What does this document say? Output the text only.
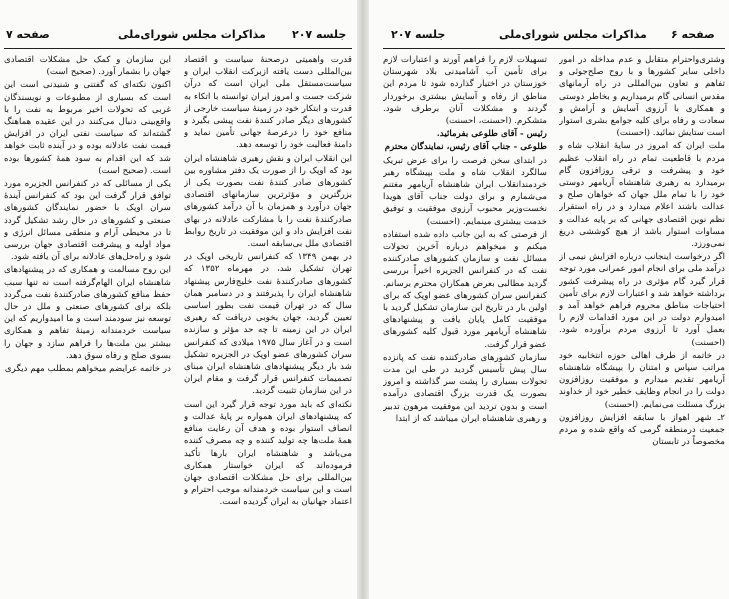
صفحه ۷	مذاکرات مجلس شورای‌ملی جلسه ۲۰۷

قدرت واهمیتی درصحنهٔ سیاست و اقتصاد بین‌المللی دست یافته ازبرکت انقلاب ایران و سیاست‌مستقل ملی ایران است که درآن شرکت جست و امروز ایران توانسته با اتکاء به قدرت و ابتکار خود در زمینهٔ سیاست خارجی از کشورهای دیگر صادر کنندهٔ نفت پیشی بگیرد و منافع خود را درعرصهٔ جهانی تأمین نماید و دامنهٔ فعالیت خود را توسعه دهد.

این انقلاب ایران و نقش رهبری شاهنشاه ایران بود که اوپک را از صورت یک دفتر مشاوره بین کشورهای صادر کنندهٔ نفت بصورت یکی از بزرگترین و مؤثرترین سازمانهای اقتصادی جهان درآورد و همزمان با آن درآمد کشورهای صادرکنندهٔ نفت را با مشارکت عادلانه در بهای نفت افزایش داد و این موفقیت در تاریخ روابط اقتصادی ملل بی‌سابقه است.

در بهمن ۱۳۴۹ که کنفرانس تاریخی اوپک در تهران تشکیل شد، در مهرماه ۱۳۵۲ که کشورهای صادرکنندهٔ نفت خلیج‌فارس پیشنهاد شاهنشاه ایران را پذیرفتند و در دسامبر همان سال که در تهران قیمت نفت بطور اساسی تعیین گردید، جهان بخوبی دریافت که رهبری ایران در این زمینه تا چه حد مؤثر و سازنده است و در آغاز سال ۱۹۷۵ میلادی که کنفرانس سران کشورهای عضو اوپک در الجزیره تشکیل شد بار دیگر پیشنهادهای شاهنشاه ایران مبنای تصمیمات کنفرانس قرار گرفت و مقام ایران در این سازمان تثبیت گردید.

نکته‌ای که باید مورد توجه قرار گیرد این است که پیشنهادهای ایران همواره بر پایهٔ عدالت و انصاف استوار بوده و هدف آن رعایت منافع همهٔ ملت‌ها چه تولید کننده و چه مصرف کننده می‌باشد و شاهنشاه ایران بارها تأکید فرموده‌اند که ایران خواستار همکاری بین‌المللی برای حل مشکلات اقتصادی جهان است و این سیاست خردمندانه موجب احترام و اعتماد جهانیان به ایران گردیده است.

این سازمان و کمک حل مشکلات اقتصادی جهان را بشمار آورد. (صحیح است)

اکنون نکته‌ای که گفتنی و شنیدنی است این است که بسیاری از مطبوعات و نویسندگان غربی که تحولات اخیر مربوط به نفت را با واقع‌بینی دنبال می‌کنند در این عقیده هماهنگ گشته‌اند که سیاست نفتی ایران در افزایش قیمت نفت عادلانه بوده و در آینده ثابت خواهد شد که این اقدام به سود همهٔ کشورها بوده است. (صحیح است)

یکی از مسائلی که در کنفرانس الجزیره مورد توافق قرار گرفت این بود که کنفرانس آیندهٔ سران اوپک با حضور نمایندگان کشورهای صنعتی و کشورهای در حال رشد تشکیل گردد تا در محیطی آرام و منطقی مسائل انرژی و مواد اولیه و پیشرفت اقتصادی جهان بررسی شود و راه‌حل‌های عادلانه برای آن یافته شود.

این روح مسالمت و همکاری که در پیشنهادهای شاهنشاه ایران الهام‌گرفته است نه تنها سبب حفظ منافع کشورهای صادرکنندهٔ نفت می‌گردد بلکه برای کشورهای صنعتی و ملل در حال توسعه نیز سودمند است و ما امیدواریم که این سیاست خردمندانه زمینهٔ تفاهم و همکاری بیشتر بین ملت‌ها را فراهم سازد و جهان را بسوی صلح و رفاه سوق دهد.

در خاتمه عرایضم میخواهم بمطلب مهم دیگری

صفحه ۶
مذاکرات مجلس شورای‌ملی
جلسه ۲۰۷

وشتری‌واحترام‌ متقابل و عدم مداخله در امور داخلی سایر کشورها و با روح صلح‌جوئی و تفاهم و تعاون بین‌المللی در راه آرمانهای مقدس انسانی گام برمیداریم و بخاطر دوستی و همکاری با آرزوی آسایش و آرامش و سعادت و رفاه برای کلیه جوامع بشری استوار است ستایش نمائید. (احسنت)

ملت ایران که امروز در سایهٔ انقلاب شاه و مردم با قاطعیت تمام در راه انقلاب عظیم خود و پیشرفت و ترقی روزافزون گام برمیدارد به رهبری شاهنشاه آریامهر دوستی خود را با تمام ملل جهان که خواهان صلح و عدالت باشند اعلام میدارد و در راه استقرار نظم نوین اقتصادی جهانی که بر پایه عدالت و مساوات استوار باشد از هیچ کوششی دریغ نمی‌ورزد.

اگر درخواست اینجانب درباره افزایش نیمی از درآمد ملی برای انجام امور عمرانی مورد توجه قرار گیرد گام مؤثری در راه پیشرفت کشور برداشته خواهد شد و اعتبارات لازم برای تأمین احتیاجات مناطق محروم فراهم خواهد آمد و امیدوارم دولت در این مورد اقدامات لازم را بعمل آورد تا آرزوی مردم برآورده شود. (احسنت)

در خاتمه از طرف اهالی حوزه انتخابیه خود مراتب سپاس و امتنان را بپیشگاه شاهنشاه آریامهر تقدیم میدارم و موفقیت روزافزون دولت را در انجام وظایف خطیر خود از خداوند بزرگ مسئلت می‌نمایم. (احسنت)

۲ـ شهر اهواز با سابقه افزایش روزافزون جمعیت درمنطقه گرمی که واقع شده و مردم مخصوصاً در تابستان

تسهیلات لازم را فراهم آورند و اعتبارات لازم برای تأمین آب آشامیدنی بلاد شهرستان خوزستان در اختیار گذارده شود تا مردم این مناطق از رفاه و آسایش بیشتری برخوردار گردند و مشکلات آنان برطرف شود. متشکرم. (احسنت، احسنت)

رئیس - آقای طلوعی بفرمائید.

طلوعی - جناب آقای رئیس، نمایندگان محترم

در ابتدای سخن فرصت را برای عرض تبریک سالگرد انقلاب شاه و ملت بپیشگاه رهبر خردمندانقلاب ایران شاهنشاه آریامهر مغتنم می‌شمارم و برای دولت جناب آقای هویدا نخست‌وزیر محبوب آرزوی موفقیت و توفیق خدمت بیشتری مینمایم. (احسنت)

از فرصتی که به این جانب داده شده استفاده میکنم و میخواهم درباره آخرین تحولات مسائل نفت و سازمان کشورهای صادرکننده نفت که در کنفرانس الجزیره اخیراً بررسی گردید مطالبی بعرض همکاران محترم برسانم. کنفرانس سران کشورهای عضو اوپک که برای اولین بار در تاریخ این سازمان تشکیل گردید با موفقیت کامل پایان یافت و پیشنهادهای شاهنشاه آریامهر مورد قبول کلیه کشورهای عضو قرار گرفت.

سازمان کشورهای صادرکننده نفت که پانزده سال پیش تأسیس گردید در طی این مدت تحولات بسیاری را پشت سر گذاشته و امروز بصورت یک قدرت بزرگ اقتصادی درآمده است و بدون تردید این موفقیت مرهون تدبیر و رهبری شاهنشاه ایران میباشد که از ابتدا
